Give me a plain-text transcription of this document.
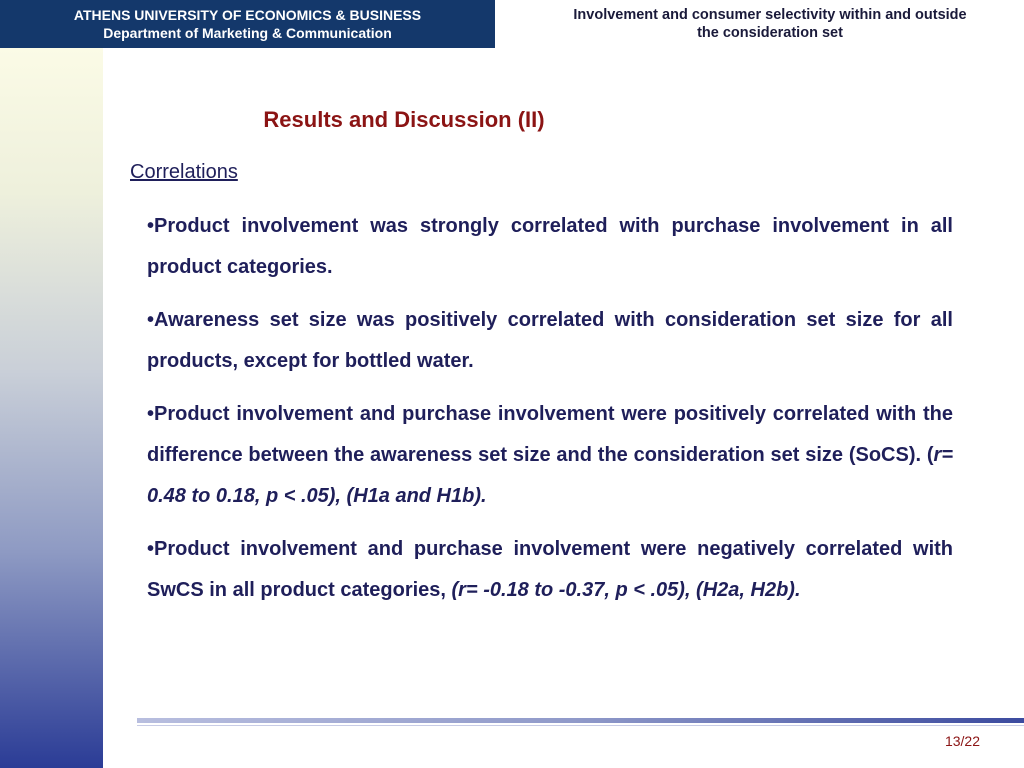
ATHENS UNIVERSITY OF ECONOMICS & BUSINESS
Department of Marketing & Communication
Involvement and consumer selectivity within and outside
the consideration set
Results and Discussion (II)
Correlations

•Product involvement was strongly correlated with purchase involvement in all product categories.

•Awareness set size was positively correlated with consideration set size for all products, except for bottled water.

•Product involvement and purchase involvement were positively correlated with the difference between the awareness set size and the consideration set size (SoCS). (r= 0.48 to 0.18, p < .05), (H1a and H1b).

•Product involvement and purchase involvement were negatively correlated with SwCS in all product categories, (r= -0.18 to -0.37, p < .05), (H2a, H2b).

13/22
